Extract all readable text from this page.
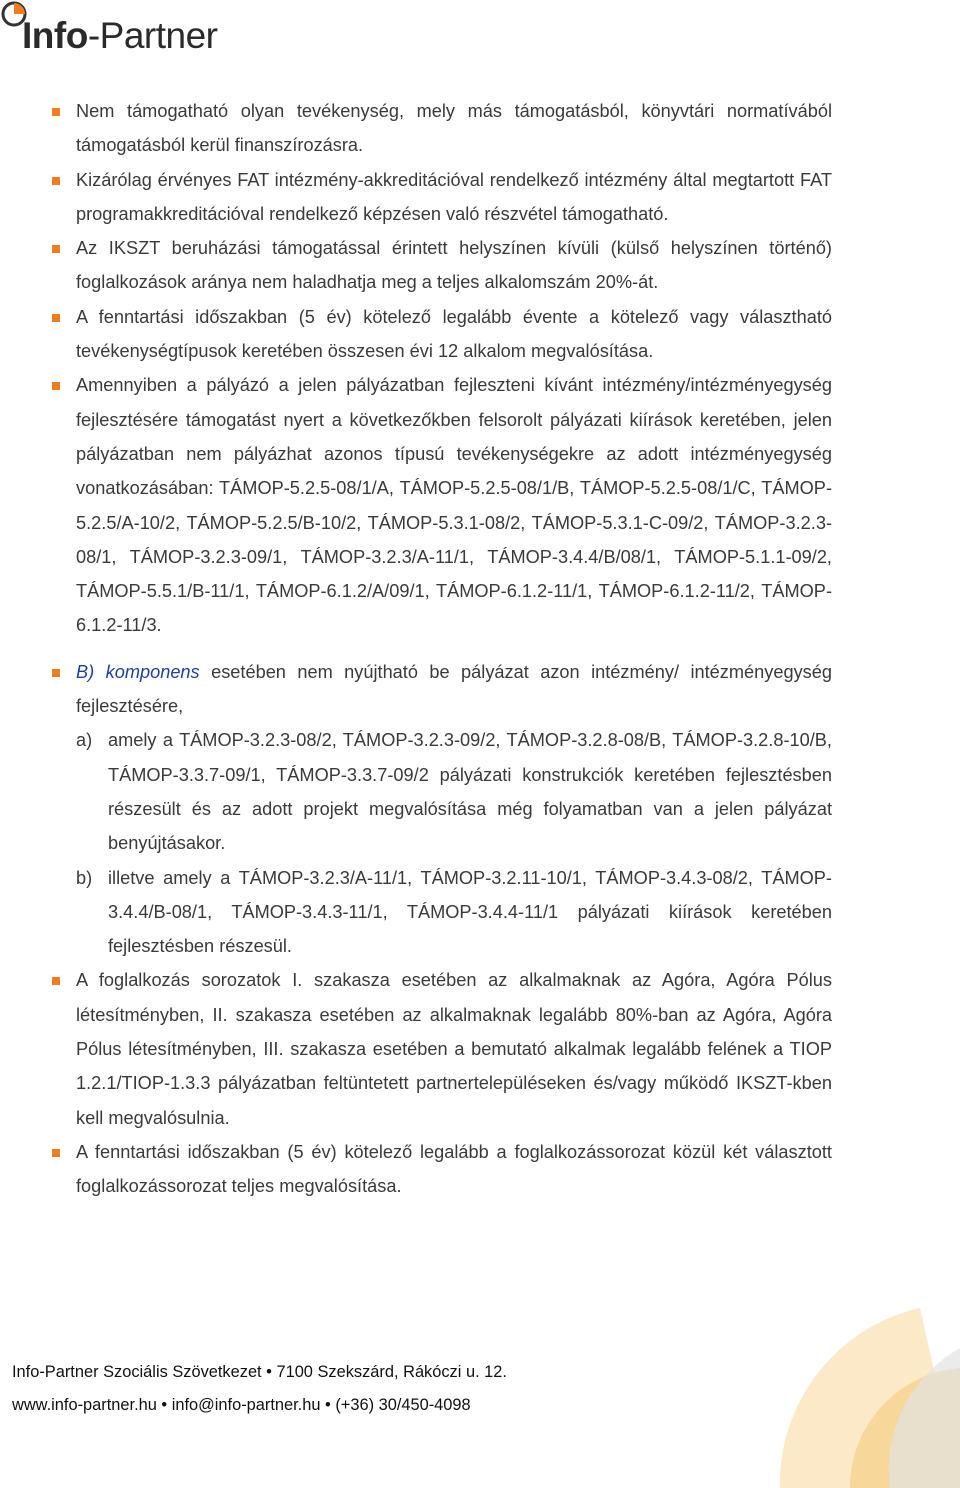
Info-Partner

Nem támogatható olyan tevékenység, mely más támogatásból, könyvtári normatívából támogatásból kerül finanszírozásra.

Kizárólag érvényes FAT intézmény-akkreditációval rendelkező intézmény által megtartott FAT programakkreditációval rendelkező képzésen való részvétel támogatható.

Az IKSZT beruházási támogatással érintett helyszínen kívüli (külső helyszínen történő) foglalkozások aránya nem haladhatja meg a teljes alkalomszám 20%-át.

A fenntartási időszakban (5 év) kötelező legalább évente a kötelező vagy választható tevékenységtípusok keretében összesen évi 12 alkalom megvalósítása.

Amennyiben a pályázó a jelen pályázatban fejleszteni kívánt intézmény/intézményegység fejlesztésére támogatást nyert a következőkben felsorolt pályázati kiírások keretében, jelen pályázatban nem pályázhat azonos típusú tevékenységekre az adott intézményegység vonatkozásában: TÁMOP-5.2.5-08/1/A, TÁMOP-5.2.5-08/1/B, TÁMOP-5.2.5-08/1/C, TÁMOP-5.2.5/A-10/2, TÁMOP-5.2.5/B-10/2, TÁMOP-5.3.1-08/2, TÁMOP-5.3.1-C-09/2, TÁMOP-3.2.3-08/1, TÁMOP-3.2.3-09/1, TÁMOP-3.2.3/A-11/1, TÁMOP-3.4.4/B/08/1, TÁMOP-5.1.1-09/2, TÁMOP-5.5.1/B-11/1, TÁMOP-6.1.2/A/09/1, TÁMOP-6.1.2-11/1, TÁMOP-6.1.2-11/2, TÁMOP-6.1.2-11/3.

B) komponens esetében nem nyújtható be pályázat azon intézmény/ intézményegység fejlesztésére,

a) amely a TÁMOP-3.2.3-08/2, TÁMOP-3.2.3-09/2, TÁMOP-3.2.8-08/B, TÁMOP-3.2.8-10/B, TÁMOP-3.3.7-09/1, TÁMOP-3.3.7-09/2 pályázati konstrukciók keretében fejlesztésben részesült és az adott projekt megvalósítása még folyamatban van a jelen pályázat benyújtásakor.

b) illetve amely a TÁMOP-3.2.3/A-11/1, TÁMOP-3.2.11-10/1, TÁMOP-3.4.3-08/2, TÁMOP-3.4.4/B-08/1, TÁMOP-3.4.3-11/1, TÁMOP-3.4.4-11/1 pályázati kiírások keretében fejlesztésben részesül.

A foglalkozás sorozatok I. szakasza esetében az alkalmaknak az Agóra, Agóra Pólus létesítményben, II. szakasza esetében az alkalmaknak legalább 80%-ban az Agóra, Agóra Pólus létesítményben, III. szakasza esetében a bemutató alkalmak legalább felének a TIOP 1.2.1/TIOP-1.3.3 pályázatban feltüntetett partnertelepüléseken és/vagy működő IKSZT-kben kell megvalósulnia.

A fenntartási időszakban (5 év) kötelező legalább a foglalkozássorozat közül két választott foglalkozássorozat teljes megvalósítása.

Info-Partner Szociális Szövetkezet • 7100 Szekszárd, Rákóczi u. 12.
www.info-partner.hu • info@info-partner.hu • (+36) 30/450-4098
